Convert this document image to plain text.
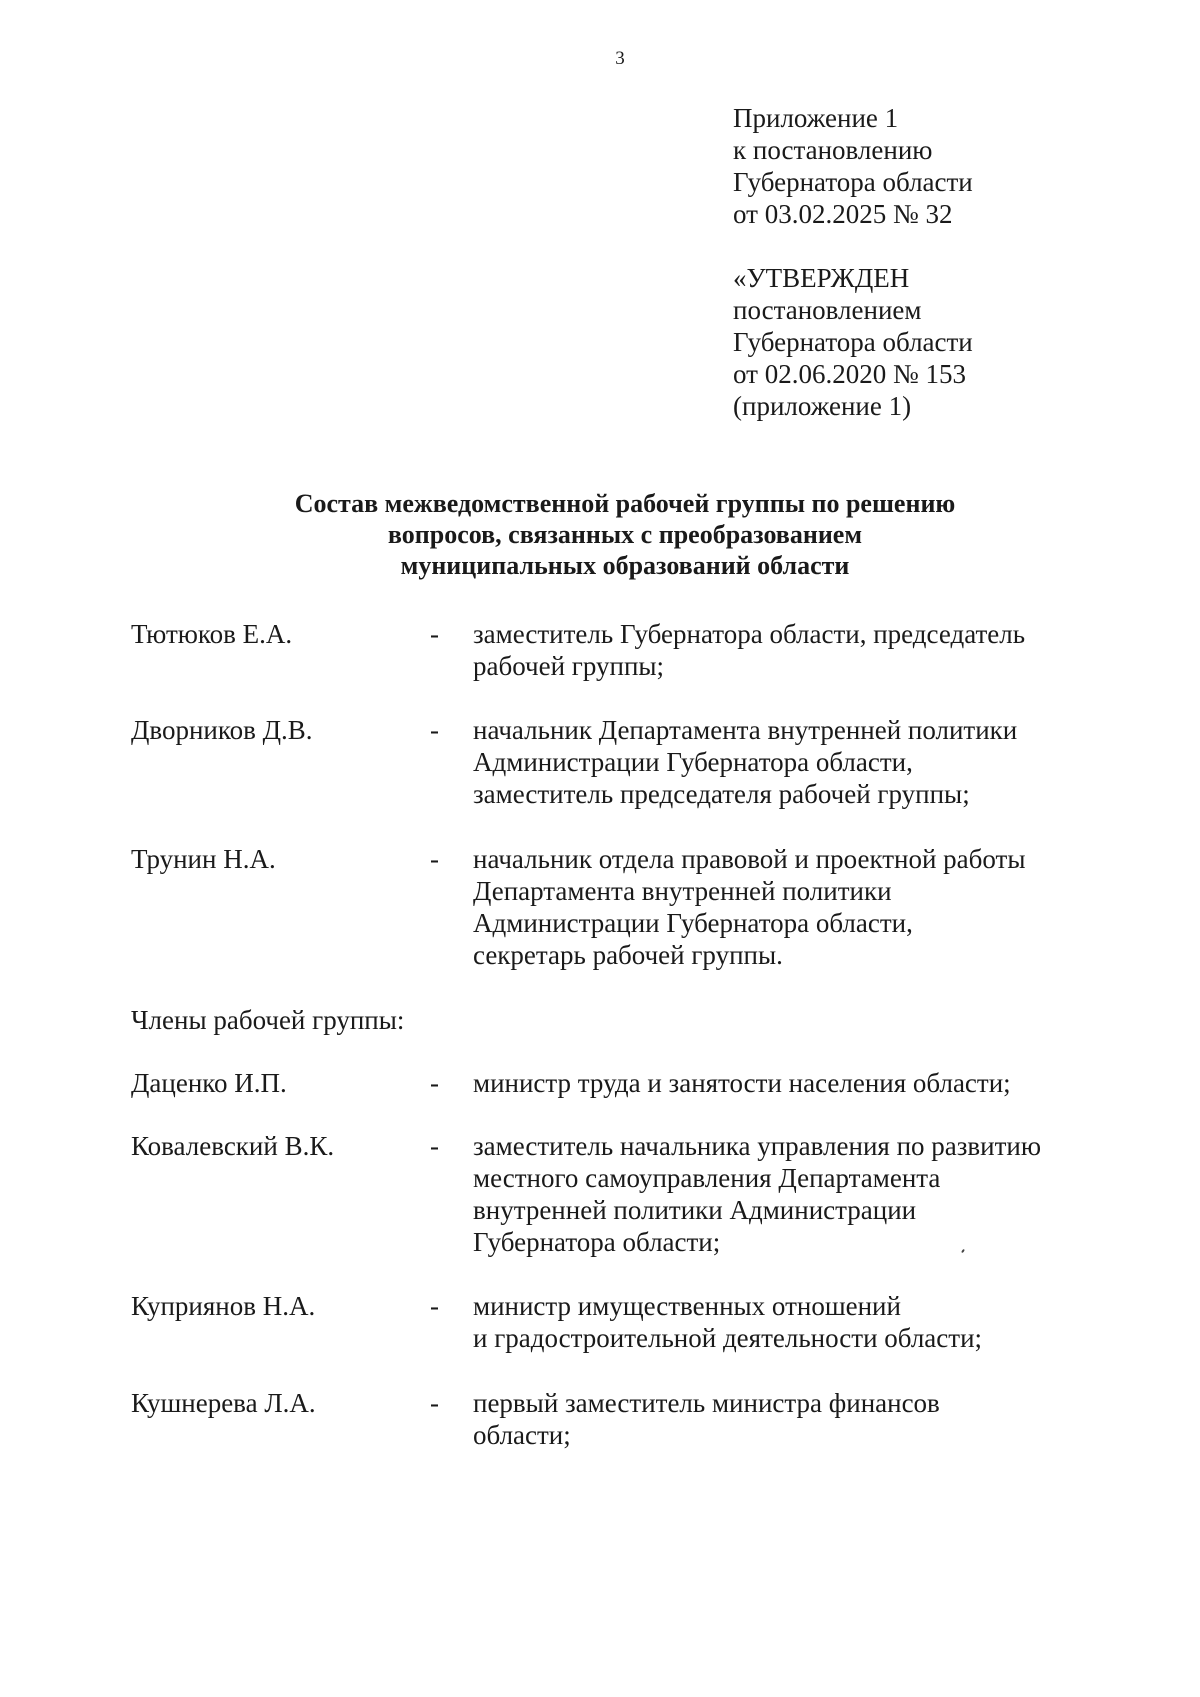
3
Приложение 1
к постановлению
Губернатора области
от 03.02.2025 № 32
«УТВЕРЖДЕН
постановлением
Губернатора области
от 02.06.2020 № 153
(приложение 1)
Состав межведомственной рабочей группы по решению
вопросов, связанных с преобразованием
муниципальных образований области
Тютюков Е.А.	- заместитель Губернатора области, председатель
рабочей группы;
Дворников Д.В.	- начальник Департамента внутренней политики
Администрации Губернатора области,
заместитель председателя рабочей группы;
Трунин Н.А.	- начальник отдела правовой и проектной работы
Департамента внутренней политики
Администрации Губернатора области,
секретарь рабочей группы.
Члены рабочей группы:
Даценко И.П.	- министр труда и занятости населения области;
Ковалевский В.К.	- заместитель начальника управления по развитию
местного самоуправления Департамента
внутренней политики Администрации
Губернатора области;
Куприянов Н.А.	- министр имущественных отношений
и градостроительной деятельности области;
Кушнерева Л.А.	- первый заместитель министра финансов
области;
